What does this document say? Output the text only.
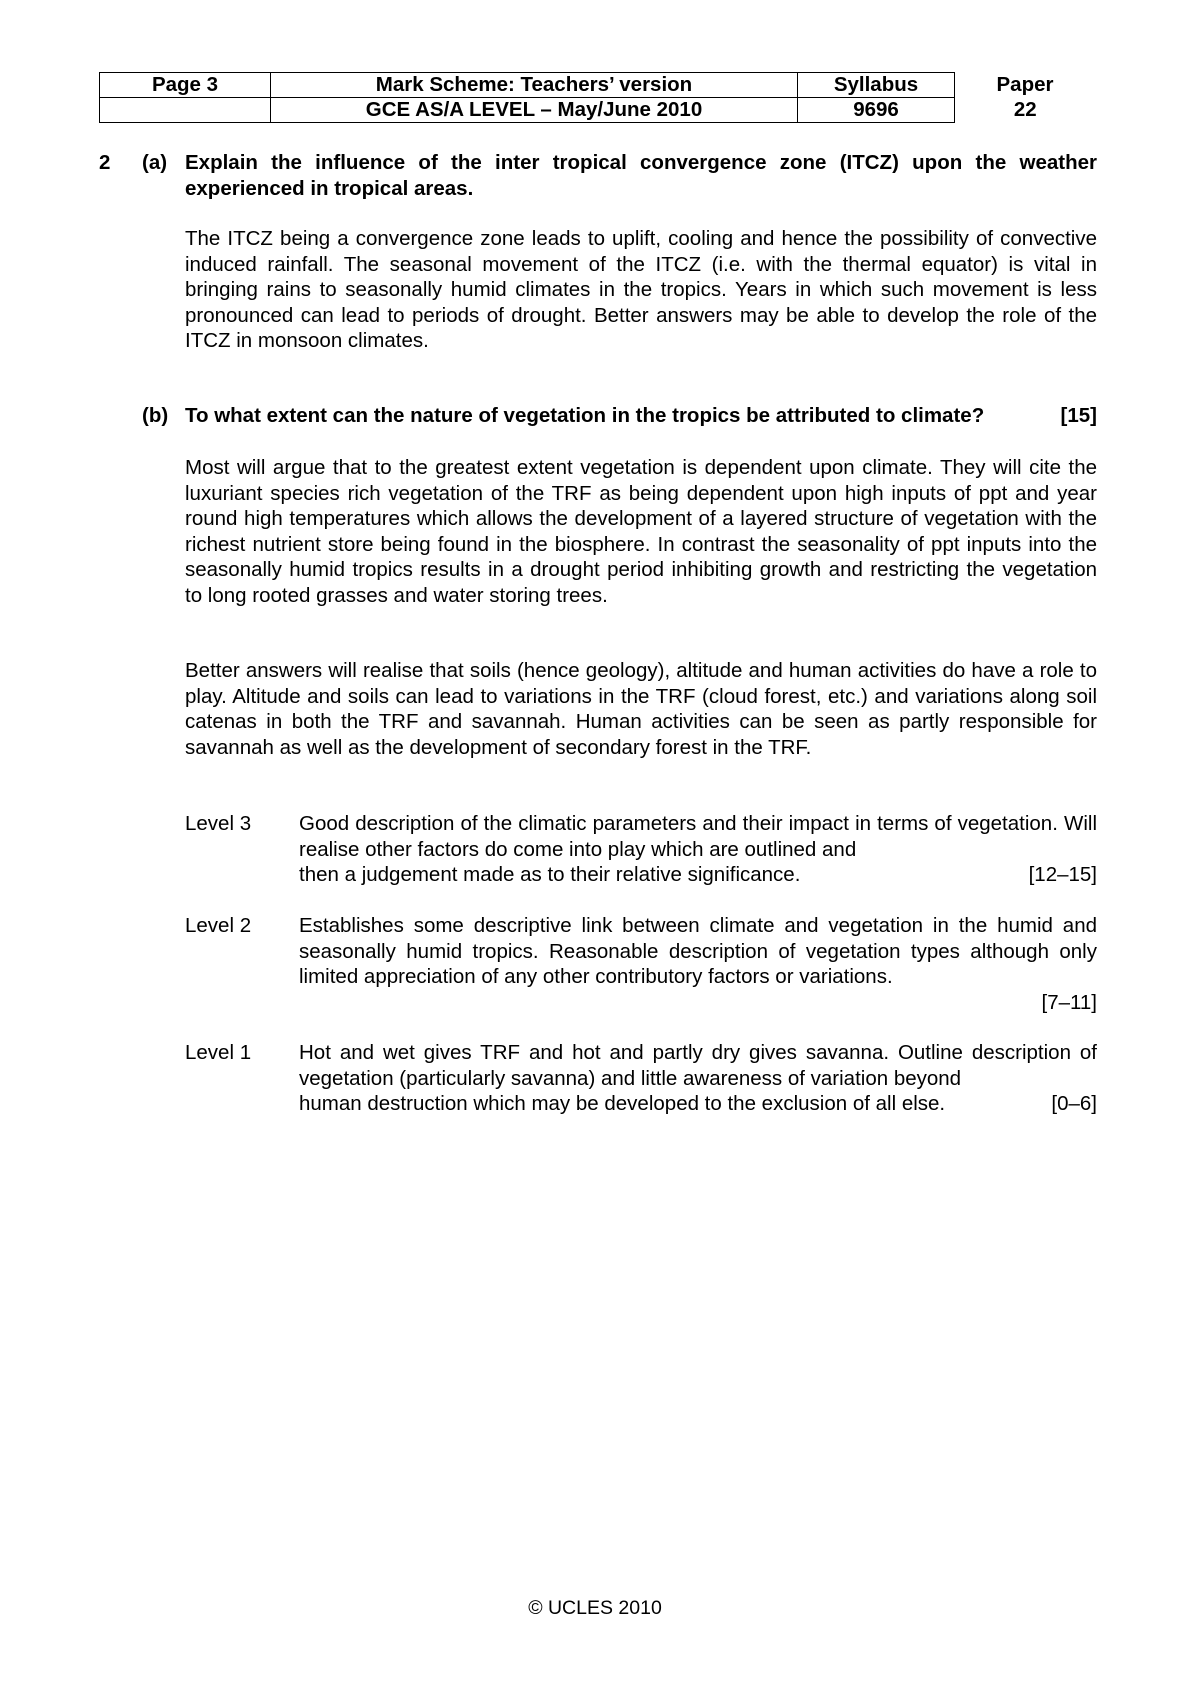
Page 3	Mark Scheme: Teachers’ version	Syllabus	Paper
	GCE AS/A LEVEL – May/June 2010	9696	22
2 (a) Explain the influence of the inter tropical convergence zone (ITCZ) upon the weather experienced in tropical areas.
The ITCZ being a convergence zone leads to uplift, cooling and hence the possibility of convective induced rainfall. The seasonal movement of the ITCZ (i.e. with the thermal equator) is vital in bringing rains to seasonally humid climates in the tropics. Years in which such movement is less pronounced can lead to periods of drought. Better answers may be able to develop the role of the ITCZ in monsoon climates.
(b) To what extent can the nature of vegetation in the tropics be attributed to climate?	[15]
Most will argue that to the greatest extent vegetation is dependent upon climate. They will cite the luxuriant species rich vegetation of the TRF as being dependent upon high inputs of ppt and year round high temperatures which allows the development of a layered structure of vegetation with the richest nutrient store being found in the biosphere. In contrast the seasonality of ppt inputs into the seasonally humid tropics results in a drought period inhibiting growth and restricting the vegetation to long rooted grasses and water storing trees.
Better answers will realise that soils (hence geology), altitude and human activities do have a role to play. Altitude and soils can lead to variations in the TRF (cloud forest, etc.) and variations along soil catenas in both the TRF and savannah. Human activities can be seen as partly responsible for savannah as well as the development of secondary forest in the TRF.
Level 3 Good description of the climatic parameters and their impact in terms of vegetation. Will realise other factors do come into play which are outlined and
then a judgement made as to their relative significance.	[12–15]
Level 2 Establishes some descriptive link between climate and vegetation in the humid and seasonally humid tropics. Reasonable description of vegetation types although only limited appreciation of any other contributory factors or variations.
[7–11]
Level 1 Hot and wet gives TRF and hot and partly dry gives savanna. Outline description of vegetation (particularly savanna) and little awareness of variation beyond
human destruction which may be developed to the exclusion of all else.	[0–6]
© UCLES 2010
